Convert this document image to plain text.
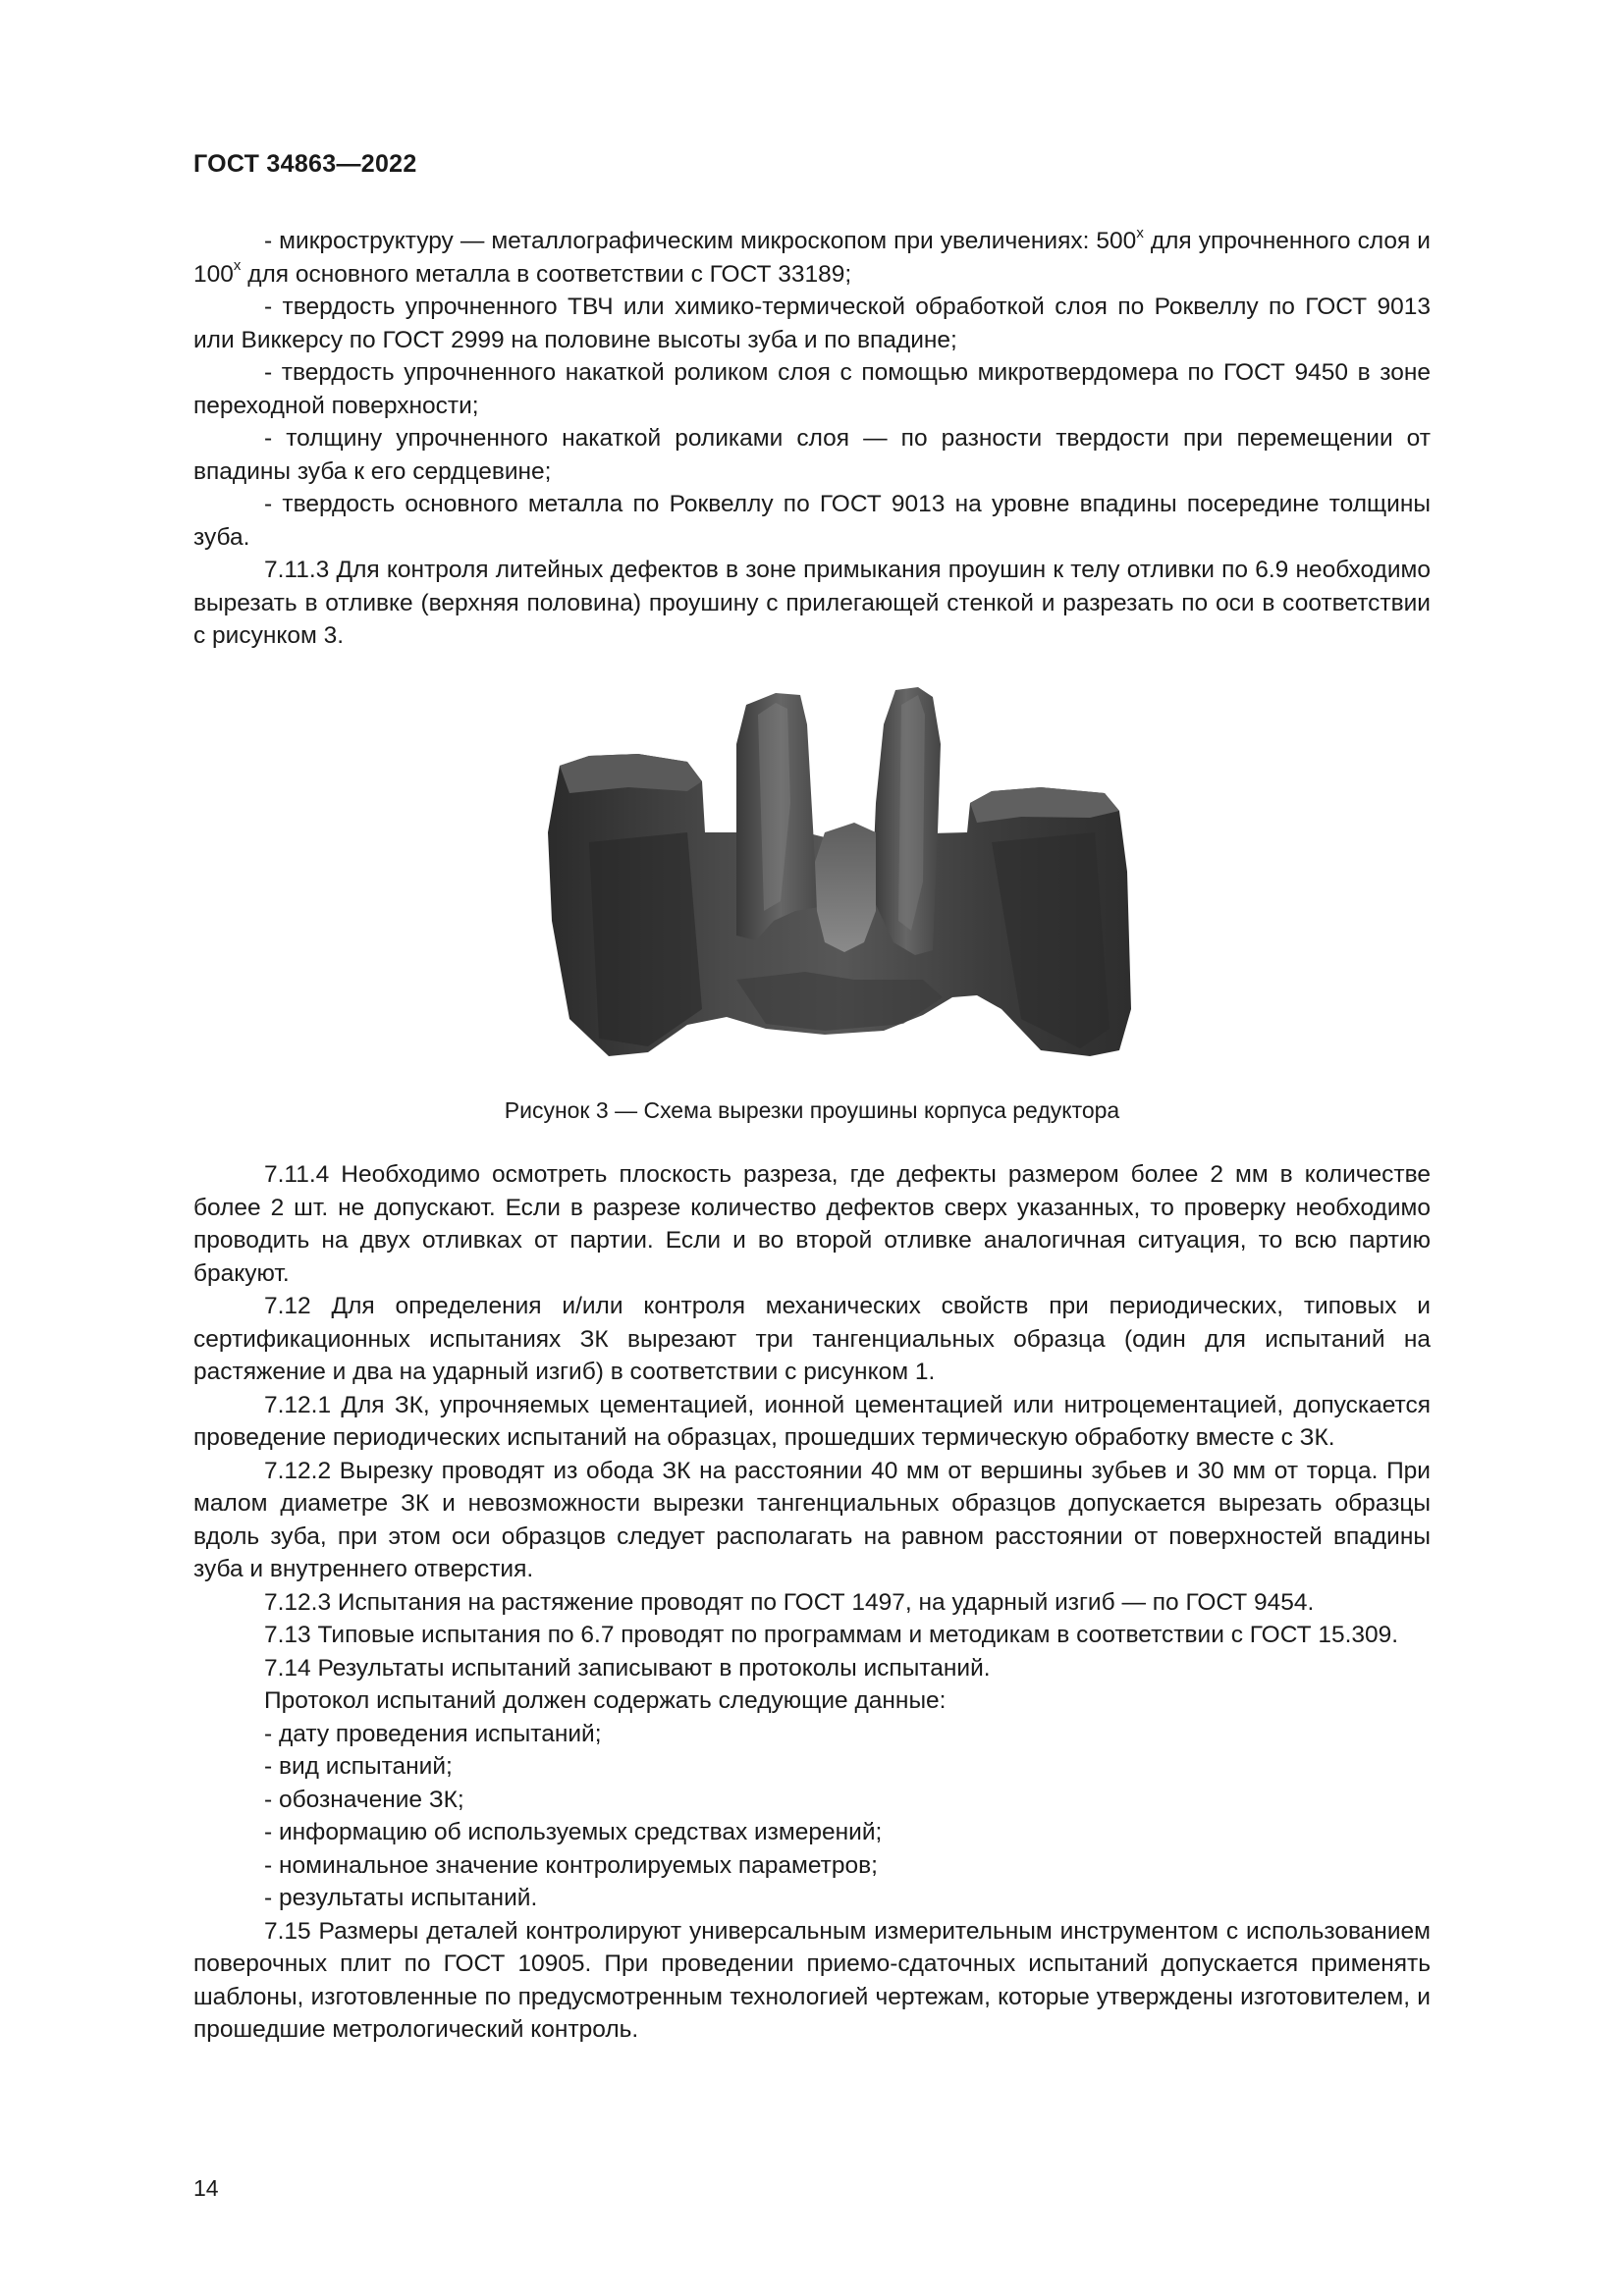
ГОСТ 34863—2022

- микроструктуру — металлографическим микроскопом при увеличениях: $500^х$ для упрочненного слоя и $100^х$ для основного металла в соответствии с ГОСТ 33189;

- твердость упрочненного ТВЧ или химико-термической обработкой слоя по Роквеллу по ГОСТ 9013 или Виккерсу по ГОСТ 2999 на половине высоты зуба и по впадине;

- твердость упрочненного накаткой роликом слоя с помощью микротвердомера по ГОСТ 9450 в зоне переходной поверхности;

- толщину упрочненного накаткой роликами слоя — по разности твердости при перемещении от впадины зуба к его сердцевине;

- твердость основного металла по Роквеллу по ГОСТ 9013 на уровне впадины посередине толщины зуба.

7.11.3 Для контроля литейных дефектов в зоне примыкания проушин к телу отливки по 6.9 необходимо вырезать в отливке (верхняя половина) проушину с прилегающей стенкой и разрезать по оси в соответствии с рисунком 3.

Рисунок 3 — Схема вырезки проушины корпуса редуктора

7.11.4 Необходимо осмотреть плоскость разреза, где дефекты размером более 2 мм в количестве более 2 шт. не допускают. Если в разрезе количество дефектов сверх указанных, то проверку необходимо проводить на двух отливках от партии. Если и во второй отливке аналогичная ситуация, то всю партию бракуют.

7.12 Для определения и/или контроля механических свойств при периодических, типовых и сертификационных испытаниях ЗК вырезают три тангенциальных образца (один для испытаний на растяжение и два на ударный изгиб) в соответствии с рисунком 1.

7.12.1 Для ЗК, упрочняемых цементацией, ионной цементацией или нитроцементацией, допускается проведение периодических испытаний на образцах, прошедших термическую обработку вместе с ЗК.

7.12.2 Вырезку проводят из обода ЗК на расстоянии 40 мм от вершины зубьев и 30 мм от торца. При малом диаметре ЗК и невозможности вырезки тангенциальных образцов допускается вырезать образцы вдоль зуба, при этом оси образцов следует располагать на равном расстоянии от поверхностей впадины зуба и внутреннего отверстия.

7.12.3 Испытания на растяжение проводят по ГОСТ 1497, на ударный изгиб — по ГОСТ 9454.

7.13 Типовые испытания по 6.7 проводят по программам и методикам в соответствии с ГОСТ 15.309.

7.14 Результаты испытаний записывают в протоколы испытаний.

Протокол испытаний должен содержать следующие данные:

- дату проведения испытаний;

- вид испытаний;

- обозначение ЗК;

- информацию об используемых средствах измерений;

- номинальное значение контролируемых параметров;

- результаты испытаний.

7.15 Размеры деталей контролируют универсальным измерительным инструментом с использованием поверочных плит по ГОСТ 10905. При проведении приемо-сдаточных испытаний допускается применять шаблоны, изготовленные по предусмотренным технологией чертежам, которые утверждены изготовителем, и прошедшие метрологический контроль.

14
